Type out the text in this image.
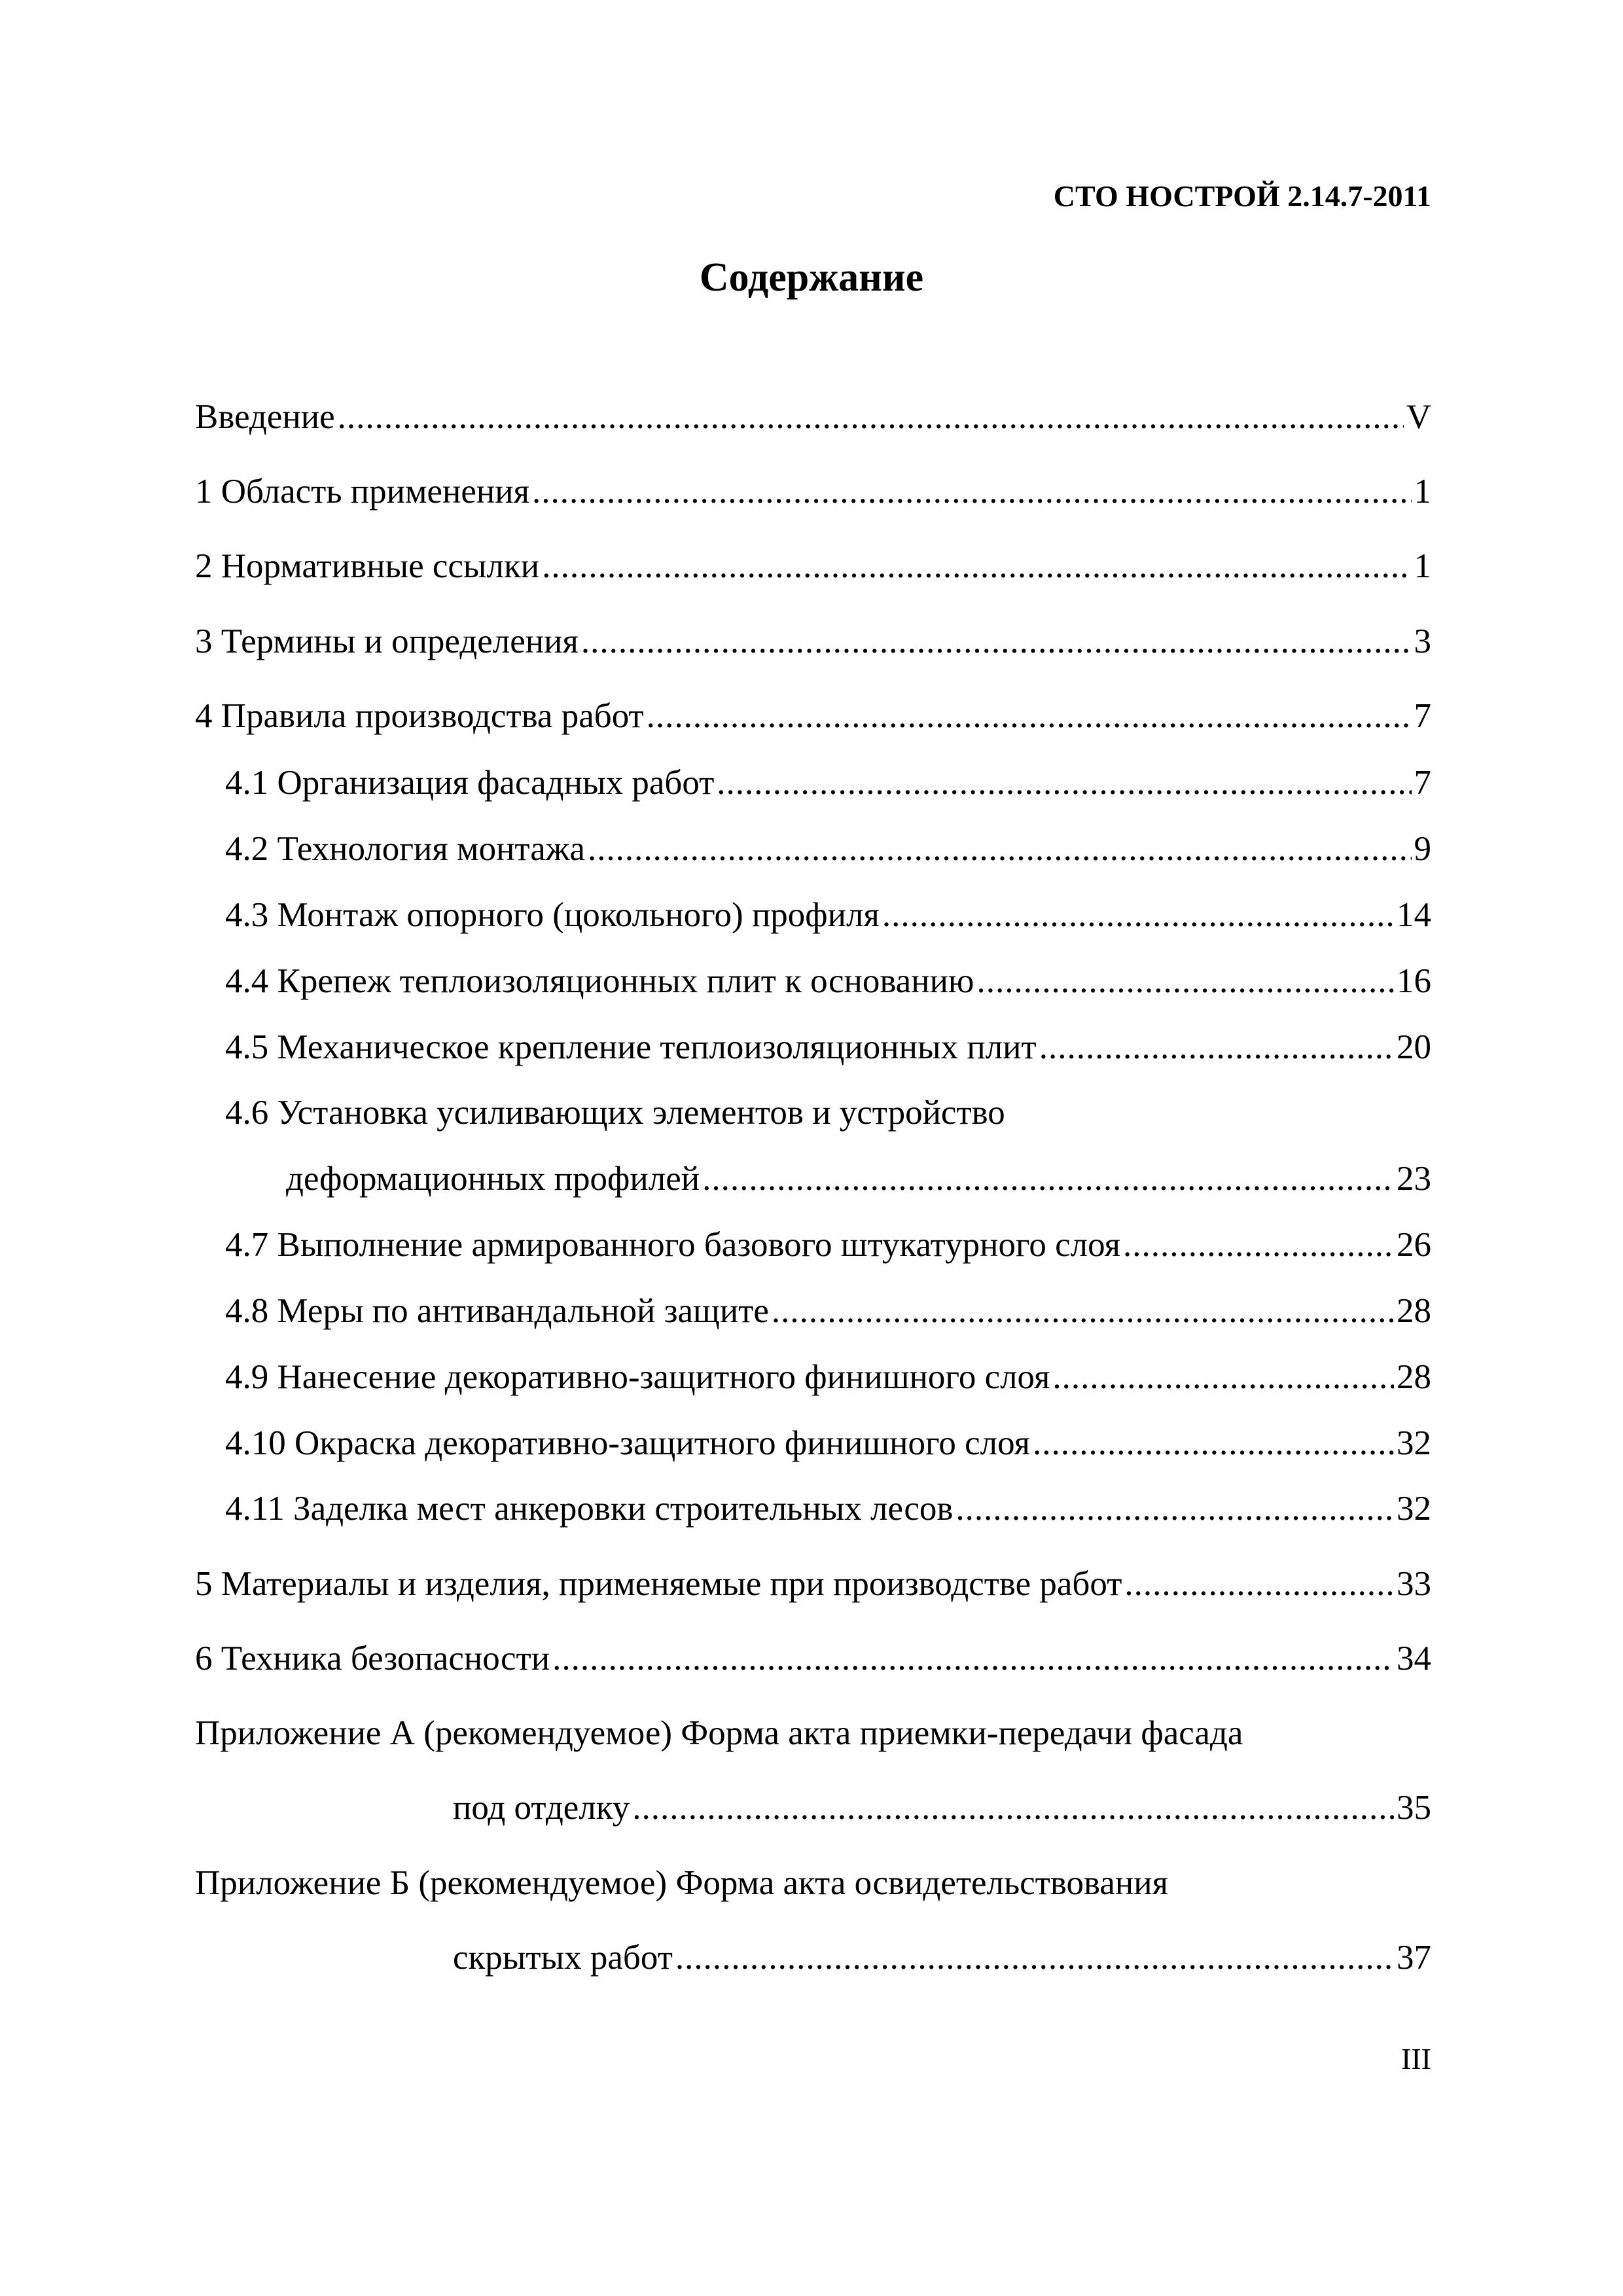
СТО НОСТРОЙ 2.14.7-2011
Содержание
Введение .....	V
1 Область применения .....	1
2 Нормативные ссылки .....	1
3 Термины и определения .....	3
4 Правила производства работ .....	7
4.1 Организация фасадных работ .....	7
4.2 Технология монтажа .....	9
4.3 Монтаж опорного (цокольного) профиля .....	14
4.4 Крепеж теплоизоляционных плит к основанию .....	16
4.5 Механическое крепление теплоизоляционных плит .....	20
4.6 Установка усиливающих элементов и устройство
деформационных профилей .....	23
4.7 Выполнение армированного базового штукатурного слоя .....	26
4.8 Меры по антивандальной защите .....	28
4.9 Нанесение декоративно-защитного финишного слоя .....	28
4.10 Окраска декоративно-защитного финишного слоя .....	32
4.11 Заделка мест анкеровки строительных лесов .....	32
5 Материалы и изделия, применяемые при производстве работ .....	33
6 Техника безопасности .....	34
Приложение А (рекомендуемое) Форма акта приемки-передачи фасада
под отделку .....	35
Приложение Б (рекомендуемое) Форма акта освидетельствования
скрытых работ .....	37
III
